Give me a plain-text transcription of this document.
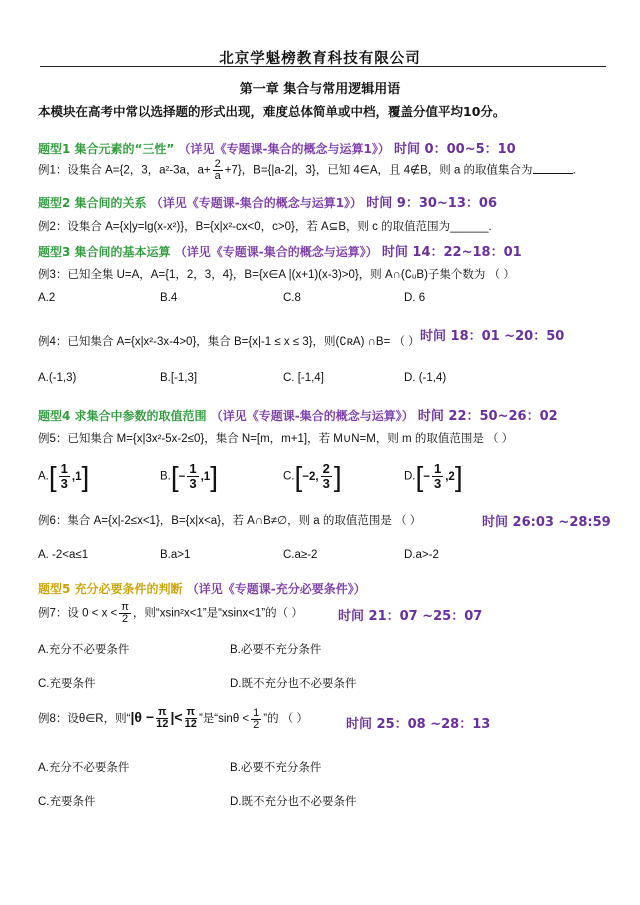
北京学魁榜教育科技有限公司
第一章 集合与常用逻辑用语
本模块在高考中常以选择题的形式出现，难度总体简单或中档，覆盖分值平均10分。
题型1 集合元素的“三性” （详见《专题课-集合的概念与运算1》） 时间 0：00~5：10
例1：设集合 A={2，3，a²-3a，$a+ \frac{2}{a} +7$}，B={|a-2|，3}，已知 4∈A，且 4∉B，则 a 的取值集合为	.
题型2 集合间的关系 （详见《专题课-集合的概念与运算1》） 时间 9：30~13：06
例2：设集合 A={x|y=lg(x-x²)}，B={x|x²-cx<0，c>0}，若 A⊆B，则 c 的取值范围为______.
题型3 集合间的基本运算 （详见《专题课-集合的概念与运算》） 时间 14：22~18：01
例3：已知全集 U=A，A={1，2，3，4}，B={x∈A |(x+1)(x-3)>0}，则 A∩(∁ᵤB)子集个数为 （ ）
A.2	B.4	C.8	D. 6
例4：已知集合 A={x|x²-3x-4>0}，集合 B={x|-1 ≤ x ≤ 3}，则(∁ʀA) ∩B= （ ） 时间 18：01 ~20：50
A.(-1,3)	B.[-1,3]	C. [-1,4]	D. (-1,4)
题型4 求集合中参数的取值范围 （详见《专题课-集合的概念与运算》） 时间 22：50~26：02
例5：已知集合 M={x|3x²-5x-2≤0}，集合 N=[m，m+1]，若 M∪N=M，则 m 的取值范围是 （ ）
$A.[ \frac{1}{3} ,1]$	$B.[- \frac{1}{3} ,1]$	C.[−2, $\frac{2}{3}$ ]	$D.[- \frac{1}{3} ,2]$
例6：集合 A={x|-2≤x<1}，B={x|x<a}，若 A∩B≠∅，则 a 的取值范围是 （ ）	时间 26:03 ~28:59
A. -2<a≤1	B.a>1	C.a≥-2	D.a>-2
题型5 充分必要条件的判断 （详见《专题课-充分必要条件》）
例7：设 $0 < x < \frac{\pi}{2}$ ，则“xsin²x<1”是“xsinx<1”的（ ）	时间 21：07 ~25：07
A.充分不必要条件	B.必要不充分条件
C.充要条件	D.既不充分也不必要条件
例8：设θ∈R，则“$|\theta - \frac{\pi}{12}$ |< $\frac{\pi}{12}$ ”是“$\sin\theta < \frac{1}{2}$ ”的 （ ）	时间 25：08 ~28：13
A.充分不必要条件	B.必要不充分条件
C.充要条件	D.既不充分也不必要条件
